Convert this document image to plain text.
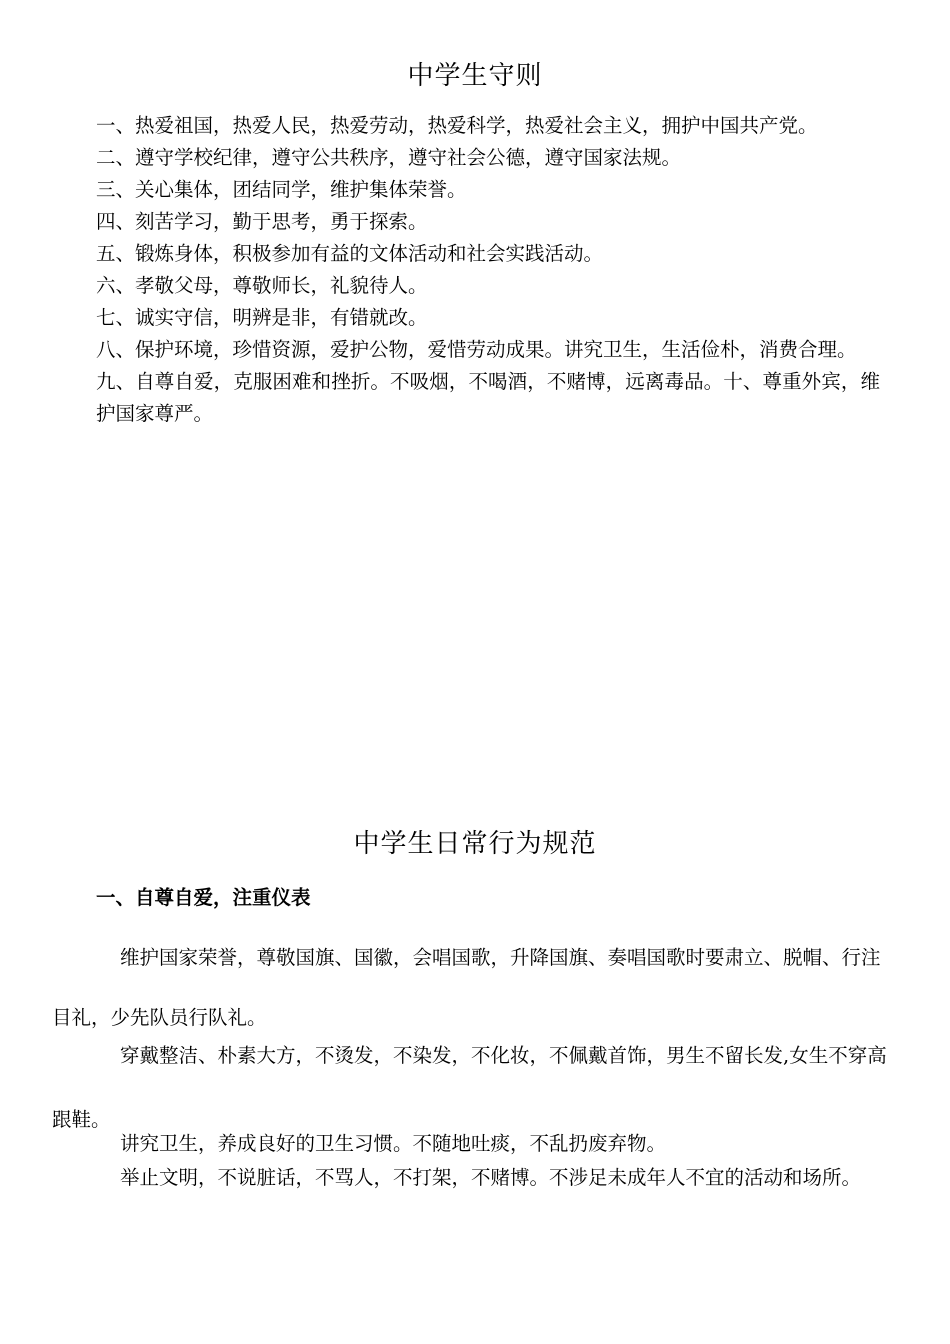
中学生守则

一、热爱祖国，热爱人民，热爱劳动，热爱科学，热爱社会主义，拥护中国共产党。

二、遵守学校纪律，遵守公共秩序，遵守社会公德，遵守国家法规。

三、关心集体，团结同学，维护集体荣誉。

四、刻苦学习，勤于思考，勇于探索。

五、锻炼身体，积极参加有益的文体活动和社会实践活动。

六、孝敬父母，尊敬师长，礼貌待人。

七、诚实守信，明辨是非，有错就改。

八、保护环境，珍惜资源，爱护公物，爱惜劳动成果。讲究卫生，生活俭朴，消费合理。

九、自尊自爱，克服困难和挫折。不吸烟，不喝酒，不赌博，远离毒品。十、尊重外宾，维护国家尊严。

中学生日常行为规范

一、自尊自爱，注重仪表

维护国家荣誉，尊敬国旗、国徽，会唱国歌，升降国旗、奏唱国歌时要肃立、脱帽、行注目礼，少先队员行队礼。

穿戴整洁、朴素大方，不烫发，不染发，不化妆，不佩戴首饰，男生不留长发,女生不穿高跟鞋。

讲究卫生，养成良好的卫生习惯。不随地吐痰，不乱扔废弃物。

举止文明，不说脏话，不骂人，不打架，不赌博。不涉足未成年人不宜的活动和场所。
